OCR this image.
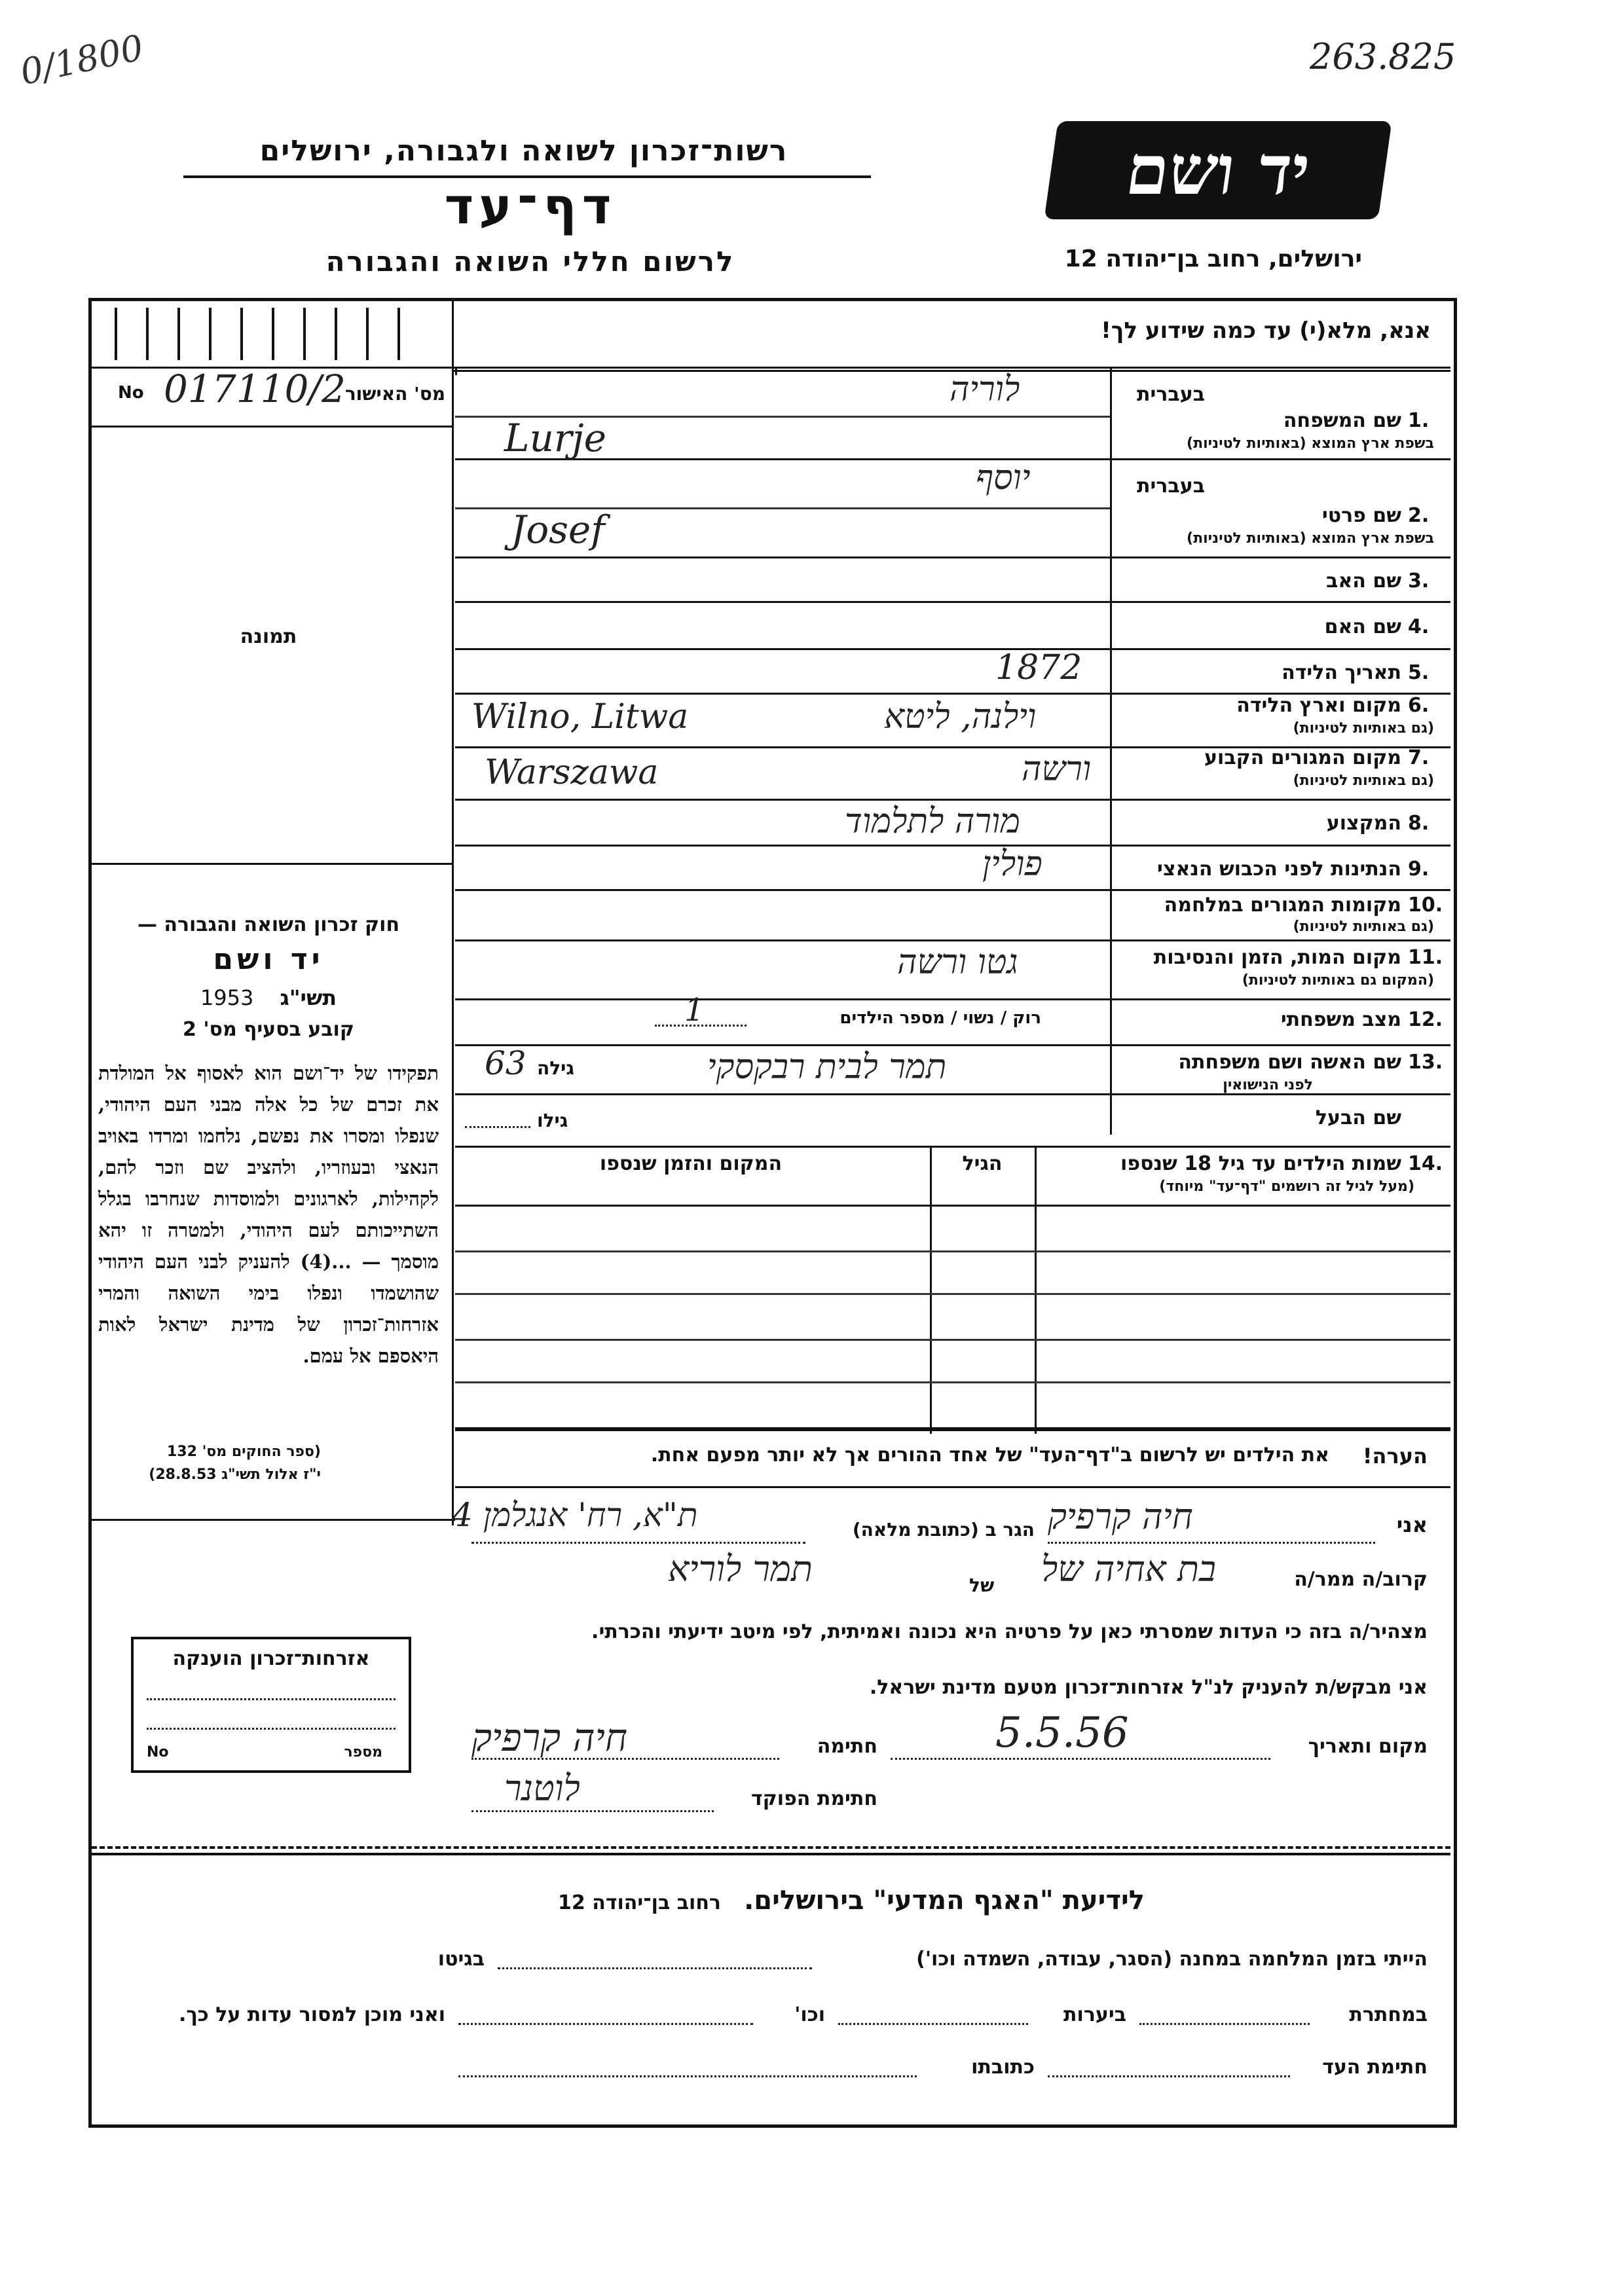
0/1800	263.825
רשות־זכרון לשואה ולגבורה, ירושלים
דף־עד
לרשום חללי השואה והגבורה
יד ושם
ירושלים, רחוב בן־יהודה 12
אנא, מלא(י) עד כמה שידוע לך!
No 017110/2
מס' האישור
תמונה
בעברית
1.
שם המשפחה
בשפת ארץ המוצא (באותיות לטיניות)
לוריה
Lurje
בעברית
2.
שם פרטי
בשפת ארץ המוצא (באותיות לטיניות)
יוסף
Josef
3.
שם האב
4.
שם האם
5.
תאריך הלידה
1872
6.
מקום וארץ הלידה
(גם באותיות לטיניות)
וילנה, ליטא
Wilno, Litwa
7.
מקום המגורים הקבוע
(גם באותיות לטיניות)
ורשה
Warszawa
8.
המקצוע
מורה לתלמוד
9.
הנתינות לפני הכבוש הנאצי
פולין
10.
מקומות המגורים במלחמה
(גם באותיות לטיניות)
11.
מקום המות, הזמן והנסיבות
(המקום גם באותיות לטיניות)
גטו ורשה
12.
מצב משפחתי
רוק / נשוי / מספר הילדים
1
13.
שם האשה ושם משפחתה
לפני הנישואין
תמר לבית רבקסקי
גילה
63
שם הבעל
גילו
14.
שמות הילדים עד גיל 18 שנספו
(מעל לגיל זה רושמים "דף־עד" מיוחד)
הגיל
המקום והזמן שנספו
הערה!
את הילדים יש לרשום ב"דף־העד" של אחד ההורים אך לא יותר מפעם אחת.
חוק זכרון השואה והגבורה —
יד ושם
1953 תשי"ג
קובע בסעיף מס' 2
תפקידו של יד־ושם הוא לאסוף אל המולדת את זכרם של כל אלה מבני העם היהודי, שנפלו ומסרו את נפשם, נלחמו ומרדו באויב הנאצי ובעוזריו, ולהציב שם וזכר להם, לקהילות, לארגונים ולמוסדות שנחרבו בגלל השתייכותם לעם היהודי, ולמטרה זו יהא מוסמך — ...(4) להעניק לבני העם היהודי שהושמדו ונפלו בימי השואה והמרי אזרחות־זכרון של מדינת ישראל לאות היאספם אל עמם.
(ספר החוקים מס' 132
י"ז אלול תשי"ג 28.8.53)
אני
חיה קרפיק
הגר ב (כתובת מלאה)
ת"א, רח' אנגלמן 4
קרוב/ה ממר/ה
בת אחיה של
של
תמר לוריא
מצהיר/ה בזה כי העדות שמסרתי כאן על פרטיה היא נכונה ואמיתית, לפי מיטב ידיעתי והכרתי.
אני מבקש/ת להעניק לנ"ל אזרחות־זכרון מטעם מדינת ישראל.
מקום ותאריך
5.5.56
חתימה
חיה קרפיק
חתימת הפוקד
לוטנר
אזרחות־זכרון הוענקה
No	מספר
לידיעת "האגף המדעי" בירושלים. רחוב בן־יהודה 12
הייתי בזמן המלחמה במחנה (הסגר, עבודה, השמדה וכו')
בגיטו
במחתרת
ביערות
וכו'
ואני מוכן למסור עדות על כך.
חתימת העד
כתובתו
